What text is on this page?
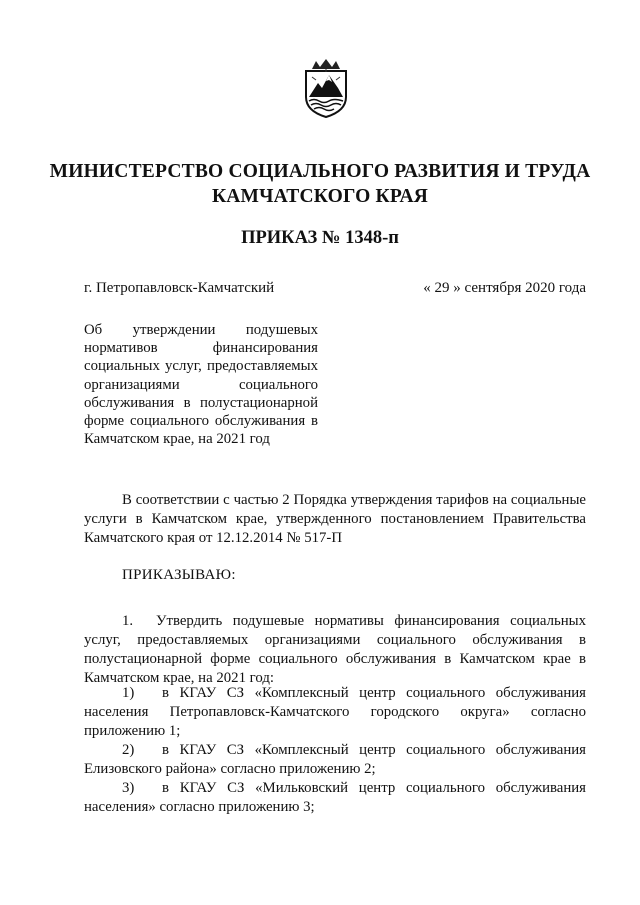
МИНИСТЕРСТВО СОЦИАЛЬНОГО РАЗВИТИЯ И ТРУДА
КАМЧАТСКОГО КРАЯ
ПРИКАЗ № 1348-п
г. Петропавловск-Камчатский	« 29 » сентября 2020 года
Об утверждении подушевых
нормативов финансирования
социальных услуг, предоставляемых
организациями социального
обслуживания в полустационарной
форме социального обслуживания в
Камчатском крае, на 2021 год
В соответствии с частью 2 Порядка утверждения тарифов на социальные
услуги в Камчатском крае, утвержденного постановлением Правительства
Камчатского края от 12.12.2014 № 517-П
ПРИКАЗЫВАЮ:
1. Утвердить подушевые нормативы финансирования социальных
услуг, предоставляемых организациями социального обслуживания в
полустационарной форме социального обслуживания в Камчатском крае в
Камчатском крае, на 2021 год:
1) в КГАУ СЗ «Комплексный центр социального обслуживания
населения Петропавловск-Камчатского городского округа» согласно
приложению 1;
2) в КГАУ СЗ «Комплексный центр социального обслуживания
Елизовского района» согласно приложению 2;
3) в КГАУ СЗ «Мильковский центр социального обслуживания
населения» согласно приложению 3;
